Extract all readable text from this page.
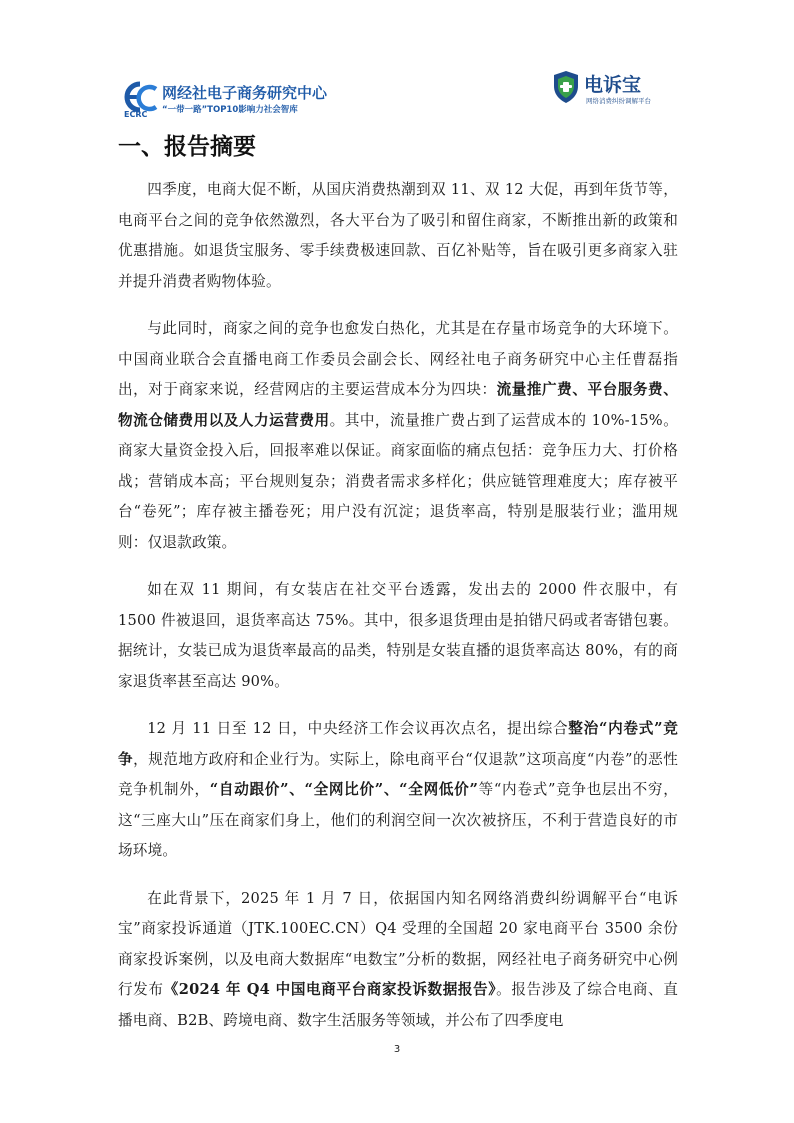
网经社电子商务研究中心
“一带一路”TOP10影响力社会智库
ECRC
电诉宝
网络消费纠纷调解平台
一、报告摘要

四季度，电商大促不断，从国庆消费热潮到双 11、双 12 大促，再到年货节等，电商平台之间的竞争依然激烈，各大平台为了吸引和留住商家，不断推出新的政策和优惠措施。如退货宝服务、零手续费极速回款、百亿补贴等，旨在吸引更多商家入驻并提升消费者购物体验。

与此同时，商家之间的竞争也愈发白热化，尤其是在存量市场竞争的大环境下。中国商业联合会直播电商工作委员会副会长、网经社电子商务研究中心主任曹磊指出，对于商家来说，经营网店的主要运营成本分为四块：流量推广费、平台服务费、物流仓储费用以及人力运营费用。其中，流量推广费占到了运营成本的 10%-15%。商家大量资金投入后，回报率难以保证。商家面临的痛点包括：竞争压力大、打价格战；营销成本高；平台规则复杂；消费者需求多样化；供应链管理难度大；库存被平台“卷死”；库存被主播卷死；用户没有沉淀；退货率高，特别是服装行业；滥用规则：仅退款政策。

如在双 11 期间，有女装店在社交平台透露，发出去的 2000 件衣服中，有 1500 件被退回，退货率高达 75%。其中，很多退货理由是拍错尺码或者寄错包裹。据统计，女装已成为退货率最高的品类，特别是女装直播的退货率高达 80%，有的商家退货率甚至高达 90%。

12 月 11 日至 12 日，中央经济工作会议再次点名，提出综合整治“内卷式”竞争，规范地方政府和企业行为。实际上，除电商平台“仅退款”这项高度“内卷”的恶性竞争机制外，“自动跟价”、“全网比价”、“全网低价”等“内卷式”竞争也层出不穷，这“三座大山”压在商家们身上，他们的利润空间一次次被挤压，不利于营造良好的市场环境。

在此背景下，2025 年 1 月 7 日，依据国内知名网络消费纠纷调解平台“电诉宝”商家投诉通道（JTK.100EC.CN）Q4 受理的全国超 20 家电商平台 3500 余份商家投诉案例，以及电商大数据库“电数宝”分析的数据，网经社电子商务研究中心例行发布《2024 年 Q4 中国电商平台商家投诉数据报告》。报告涉及了综合电商、直播电商、B2B、跨境电商、数字生活服务等领域，并公布了四季度电

3
